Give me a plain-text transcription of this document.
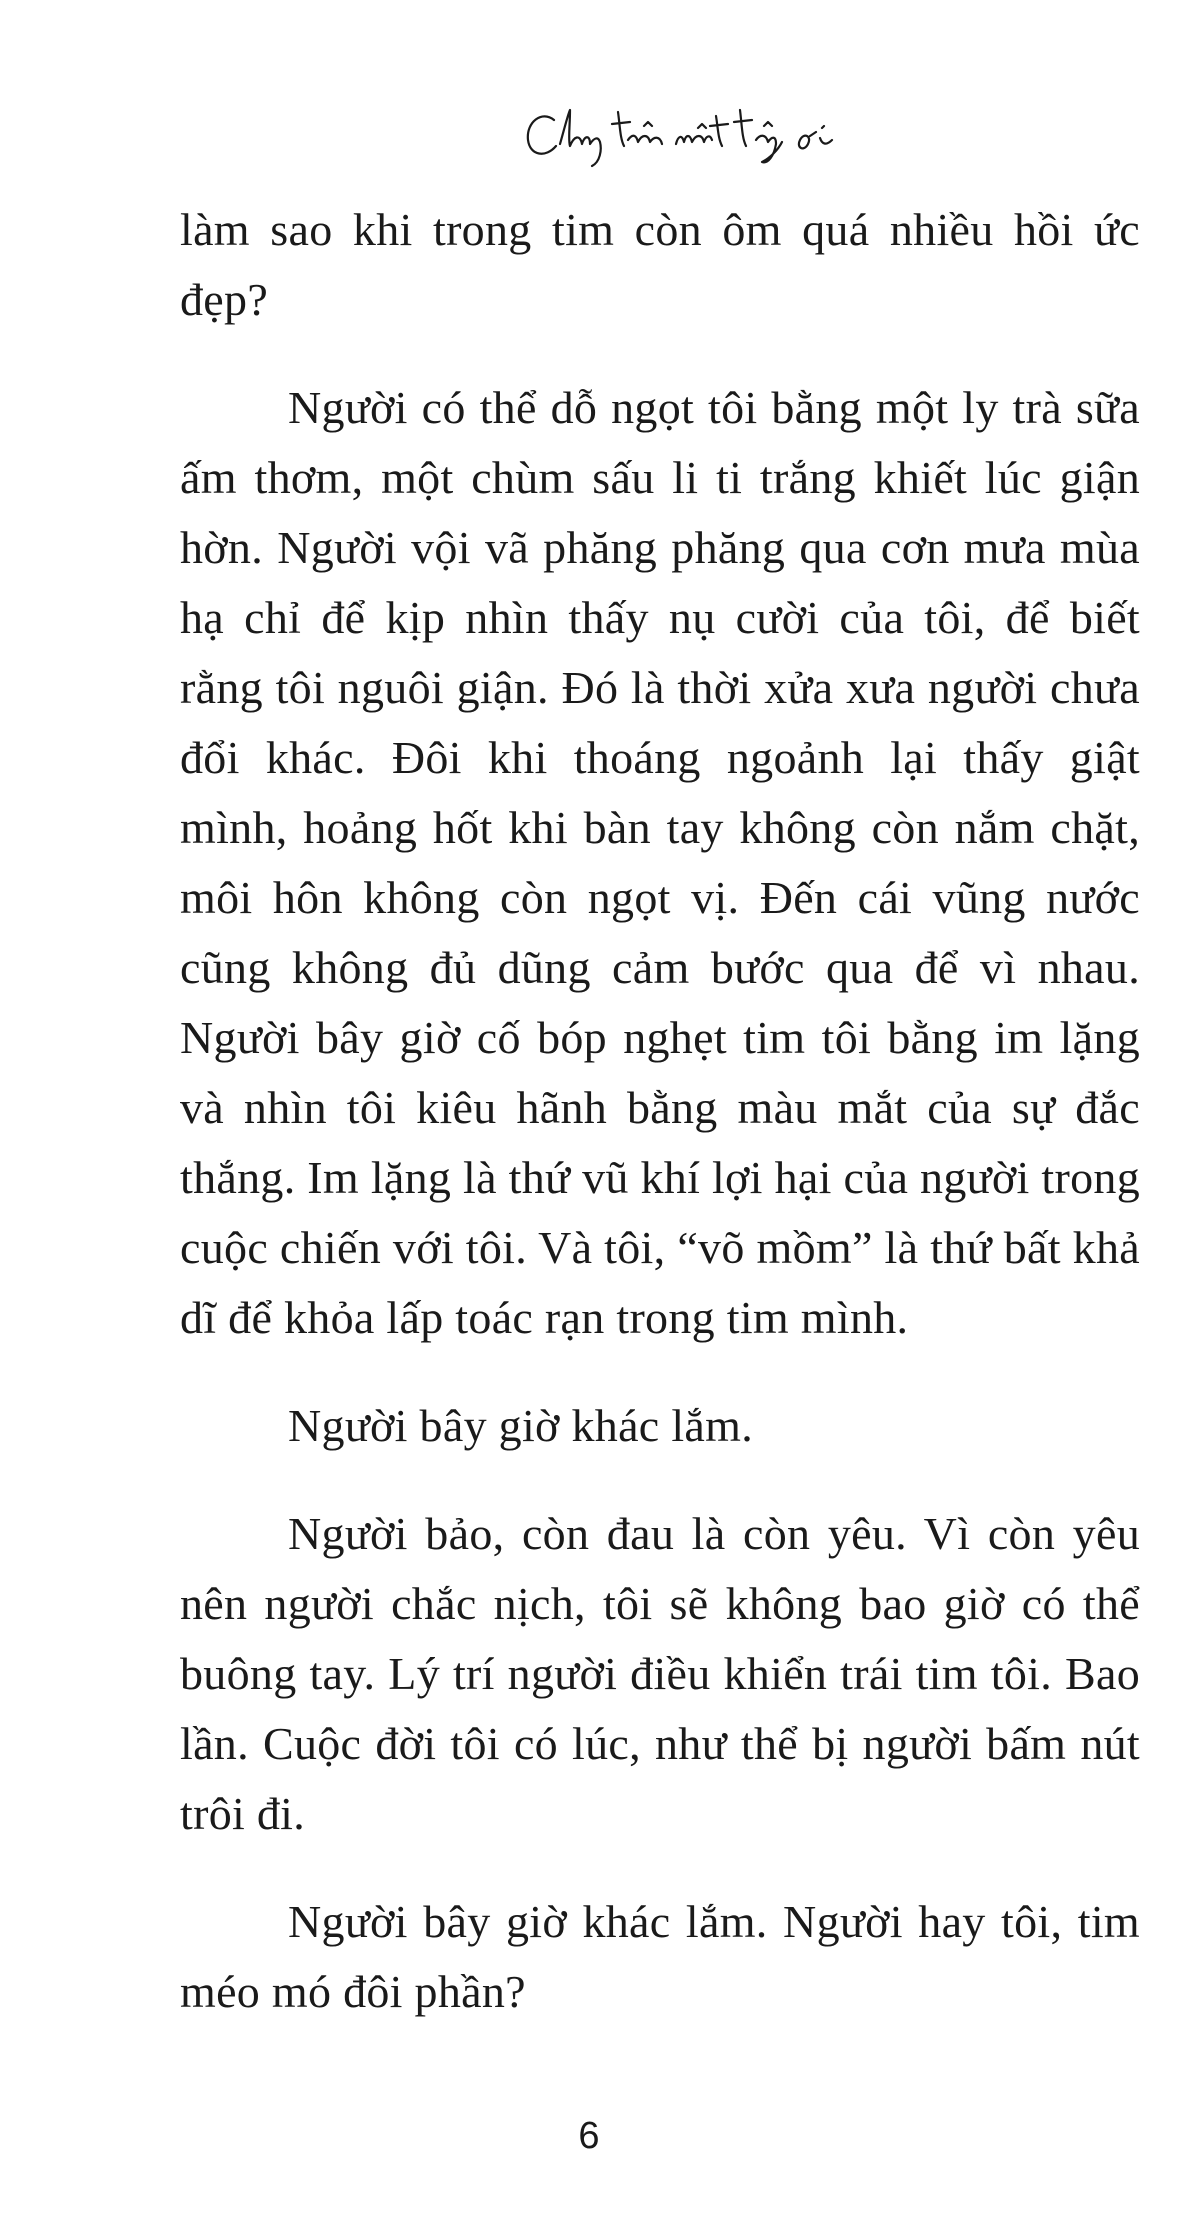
làm sao khi trong tim còn ôm quá nhiều hồi ức đẹp?

Người có thể dỗ ngọt tôi bằng một ly trà sữa ấm thơm, một chùm sấu li ti trắng khiết lúc giận hờn. Người vội vã phăng phăng qua cơn mưa mùa hạ chỉ để kịp nhìn thấy nụ cười của tôi, để biết rằng tôi nguôi giận. Đó là thời xửa xưa người chưa đổi khác. Đôi khi thoáng ngoảnh lại thấy giật mình, hoảng hốt khi bàn tay không còn nắm chặt, môi hôn không còn ngọt vị. Đến cái vũng nước cũng không đủ dũng cảm bước qua để vì nhau. Người bây giờ cố bóp nghẹt tim tôi bằng im lặng và nhìn tôi kiêu hãnh bằng màu mắt của sự đắc thắng. Im lặng là thứ vũ khí lợi hại của người trong cuộc chiến với tôi. Và tôi, “võ mồm” là thứ bất khả dĩ để khỏa lấp toác rạn trong tim mình.

Người bây giờ khác lắm.

Người bảo, còn đau là còn yêu. Vì còn yêu nên người chắc nịch, tôi sẽ không bao giờ có thể buông tay. Lý trí người điều khiển trái tim tôi. Bao lần. Cuộc đời tôi có lúc, như thể bị người bấm nút trôi đi.

Người bây giờ khác lắm. Người hay tôi, tim méo mó đôi phần?

6
